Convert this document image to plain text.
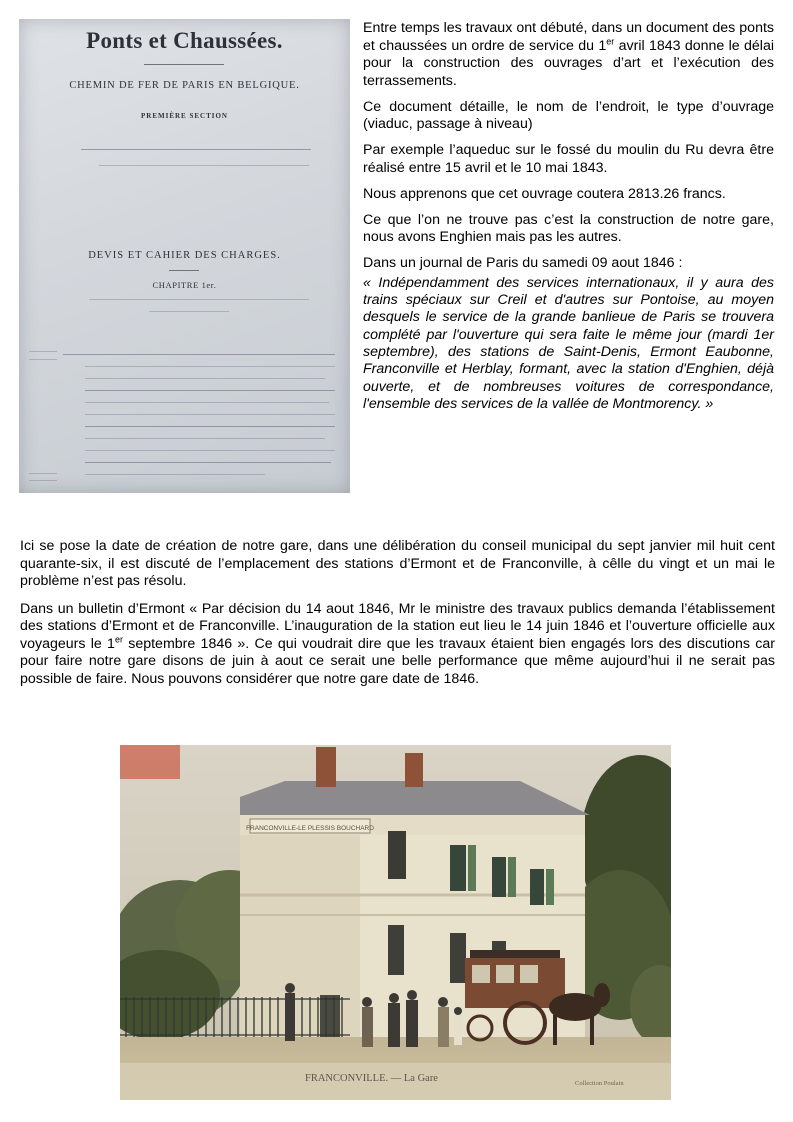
Ponts et Chaussées.
CHEMIN DE FER DE PARIS EN BELGIQUE.
PREMIÈRE SECTION
DEVIS ET CAHIER DES CHARGES.
CHAPITRE 1er.

Entre temps les travaux ont débuté, dans un document des ponts et chaussées un ordre de service du 1er avril 1843 donne le délai pour la construction des ouvrages d’art et l’exécution des terrassements.

Ce document détaille, le nom de l’endroit, le type d’ouvrage (viaduc, passage à niveau)

Par exemple l’aqueduc sur le fossé du moulin du Ru devra être réalisé entre 15 avril et le 10 mai 1843.

Nous apprenons que cet ouvrage coutera 2813.26 francs.

Ce que l’on ne trouve pas c’est la construction de notre gare, nous avons Enghien mais pas les autres.

Dans un journal de Paris du samedi 09 aout 1846 :

« Indépendamment des services internationaux, il y aura des trains spéciaux sur Creil et d'autres sur Pontoise, au moyen desquels le service de la grande banlieue de Paris se trouvera complété par l'ouverture qui sera faite le même jour (mardi 1er septembre), des stations de Saint-Denis, Ermont Eaubonne, Franconville et Herblay, formant, avec la station d'Enghien, déjà ouverte, et de nombreuses voitures de correspondance, l'ensemble des services de la vallée de Montmorency. »

Ici se pose la date de création de notre gare, dans une délibération du conseil municipal du sept janvier mil huit cent quarante-six, il est discuté de l’emplacement des stations d’Ermont et de Franconville, à cêlle du vingt et un mai le problème n’est pas résolu.

Dans un bulletin d’Ermont « Par décision du 14 aout 1846, Mr le ministre des travaux publics demanda l’établissement des stations d’Ermont et de Franconville. L’inauguration de la station eut lieu le 14 juin 1846 et l’ouverture officielle aux voyageurs le 1er septembre 1846 ». Ce qui voudrait dire que les travaux étaient bien engagés lors des discutions car pour faire notre gare disons de juin à aout ce serait une belle performance que même aujourd’hui il ne serait pas possible de faire. Nous pouvons considérer que notre gare date de 1846.

FRANCONVILLE-LE PLESSIS BOUCHARD
FRANCONVILLE. — La Gare	Collection Poulain
